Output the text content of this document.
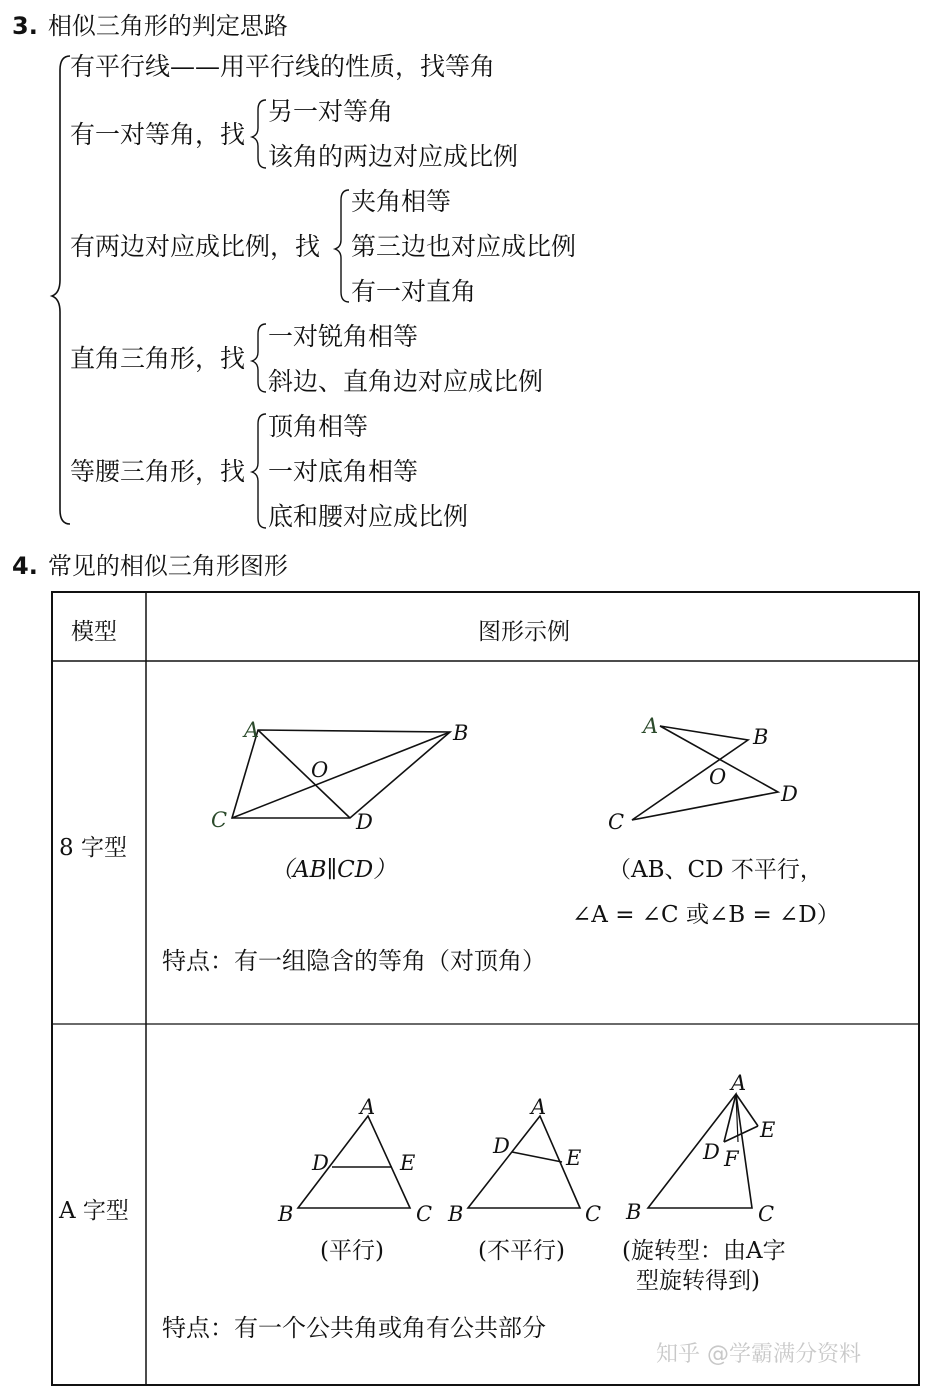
3. 相似三角形的判定思路
有平行线——用平行线的性质，找等角
有一对等角，找
另一对等角
该角的两边对应成比例
有两边对应成比例，找
夹角相等
第三边也对应成比例
有一对直角
直角三角形，找
一对锐角相等
斜边、直角边对应成比例
等腰三角形，找
顶角相等
一对底角相等
底和腰对应成比例
4. 常见的相似三角形图形
模型	图形示例
8 字型
A	B
O
C	D
A	B
O
D
C
（AB∥CD）	（AB、CD 不平行，
∠A = ∠C 或∠B = ∠D）
特点：有一组隐含的等角（对顶角）
A 字型
A
D	E
B	C
A
D	E
B	C
A
E
D F
B	C
(平行)	(不平行) (旋转型：由A字
型旋转得到)
特点：有一个公共角或角有公共部分
知乎 @学霸满分资料
